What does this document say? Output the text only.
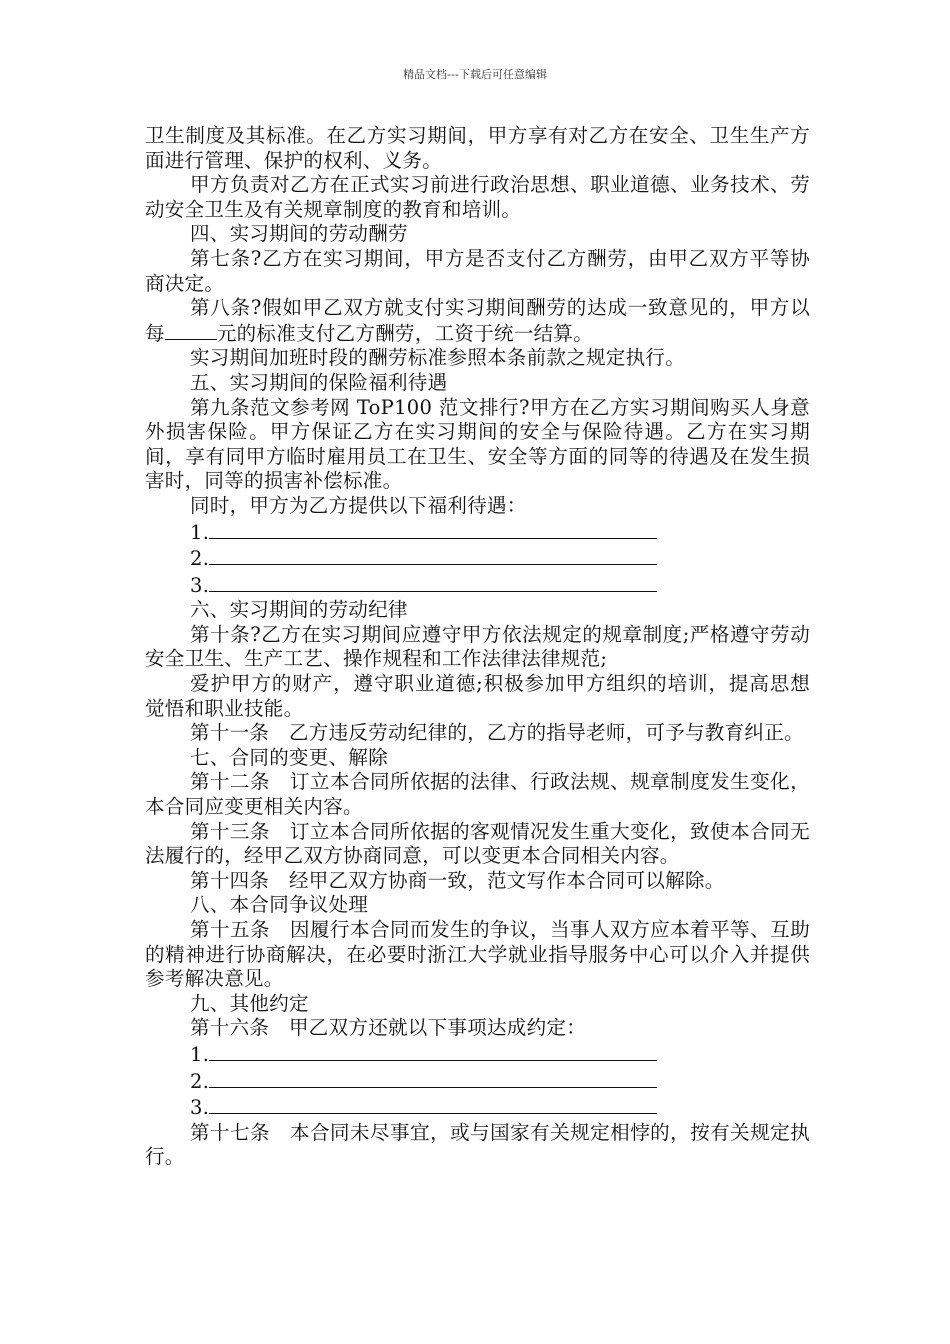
精品文档---下载后可任意编辑

卫生制度及其标准。在乙方实习期间，甲方享有对乙方在安全、卫生生产方面进行管理、保护的权利、义务。

甲方负责对乙方在正式实习前进行政治思想、职业道德、业务技术、劳动安全卫生及有关规章制度的教育和培训。

四、实习期间的劳动酬劳

第七条?乙方在实习期间，甲方是否支付乙方酬劳，由甲乙双方平等协商决定。

第八条?假如甲乙双方就支付实习期间酬劳的达成一致意见的，甲方以每	元的标准支付乙方酬劳，工资于统一结算。

实习期间加班时段的酬劳标准参照本条前款之规定执行。

五、实习期间的保险福利待遇

第九条范文参考网 ToP100 范文排行?甲方在乙方实习期间购买人身意外损害保险。甲方保证乙方在实习期间的安全与保险待遇。乙方在实习期间，享有同甲方临时雇用员工在卫生、安全等方面的同等的待遇及在发生损害时，同等的损害补偿标准。

同时，甲方为乙方提供以下福利待遇：

1.

2.

3.

六、实习期间的劳动纪律

第十条?乙方在实习期间应遵守甲方依法规定的规章制度;严格遵守劳动安全卫生、生产工艺、操作规程和工作法律法律规范;

爱护甲方的财产，遵守职业道德;积极参加甲方组织的培训，提高思想觉悟和职业技能。

第十一条　乙方违反劳动纪律的，乙方的指导老师，可予与教育纠正。

七、合同的变更、解除

第十二条　订立本合同所依据的法律、行政法规、规章制度发生变化，本合同应变更相关内容。

第十三条　订立本合同所依据的客观情况发生重大变化，致使本合同无法履行的，经甲乙双方协商同意，可以变更本合同相关内容。

第十四条　经甲乙双方协商一致，范文写作本合同可以解除。

八、本合同争议处理

第十五条　因履行本合同而发生的争议，当事人双方应本着平等、互助的精神进行协商解决，在必要时浙江大学就业指导服务中心可以介入并提供参考解决意见。

九、其他约定

第十六条　甲乙双方还就以下事项达成约定：

1.

2.

3.

第十七条　本合同未尽事宜，或与国家有关规定相悖的，按有关规定执行。
